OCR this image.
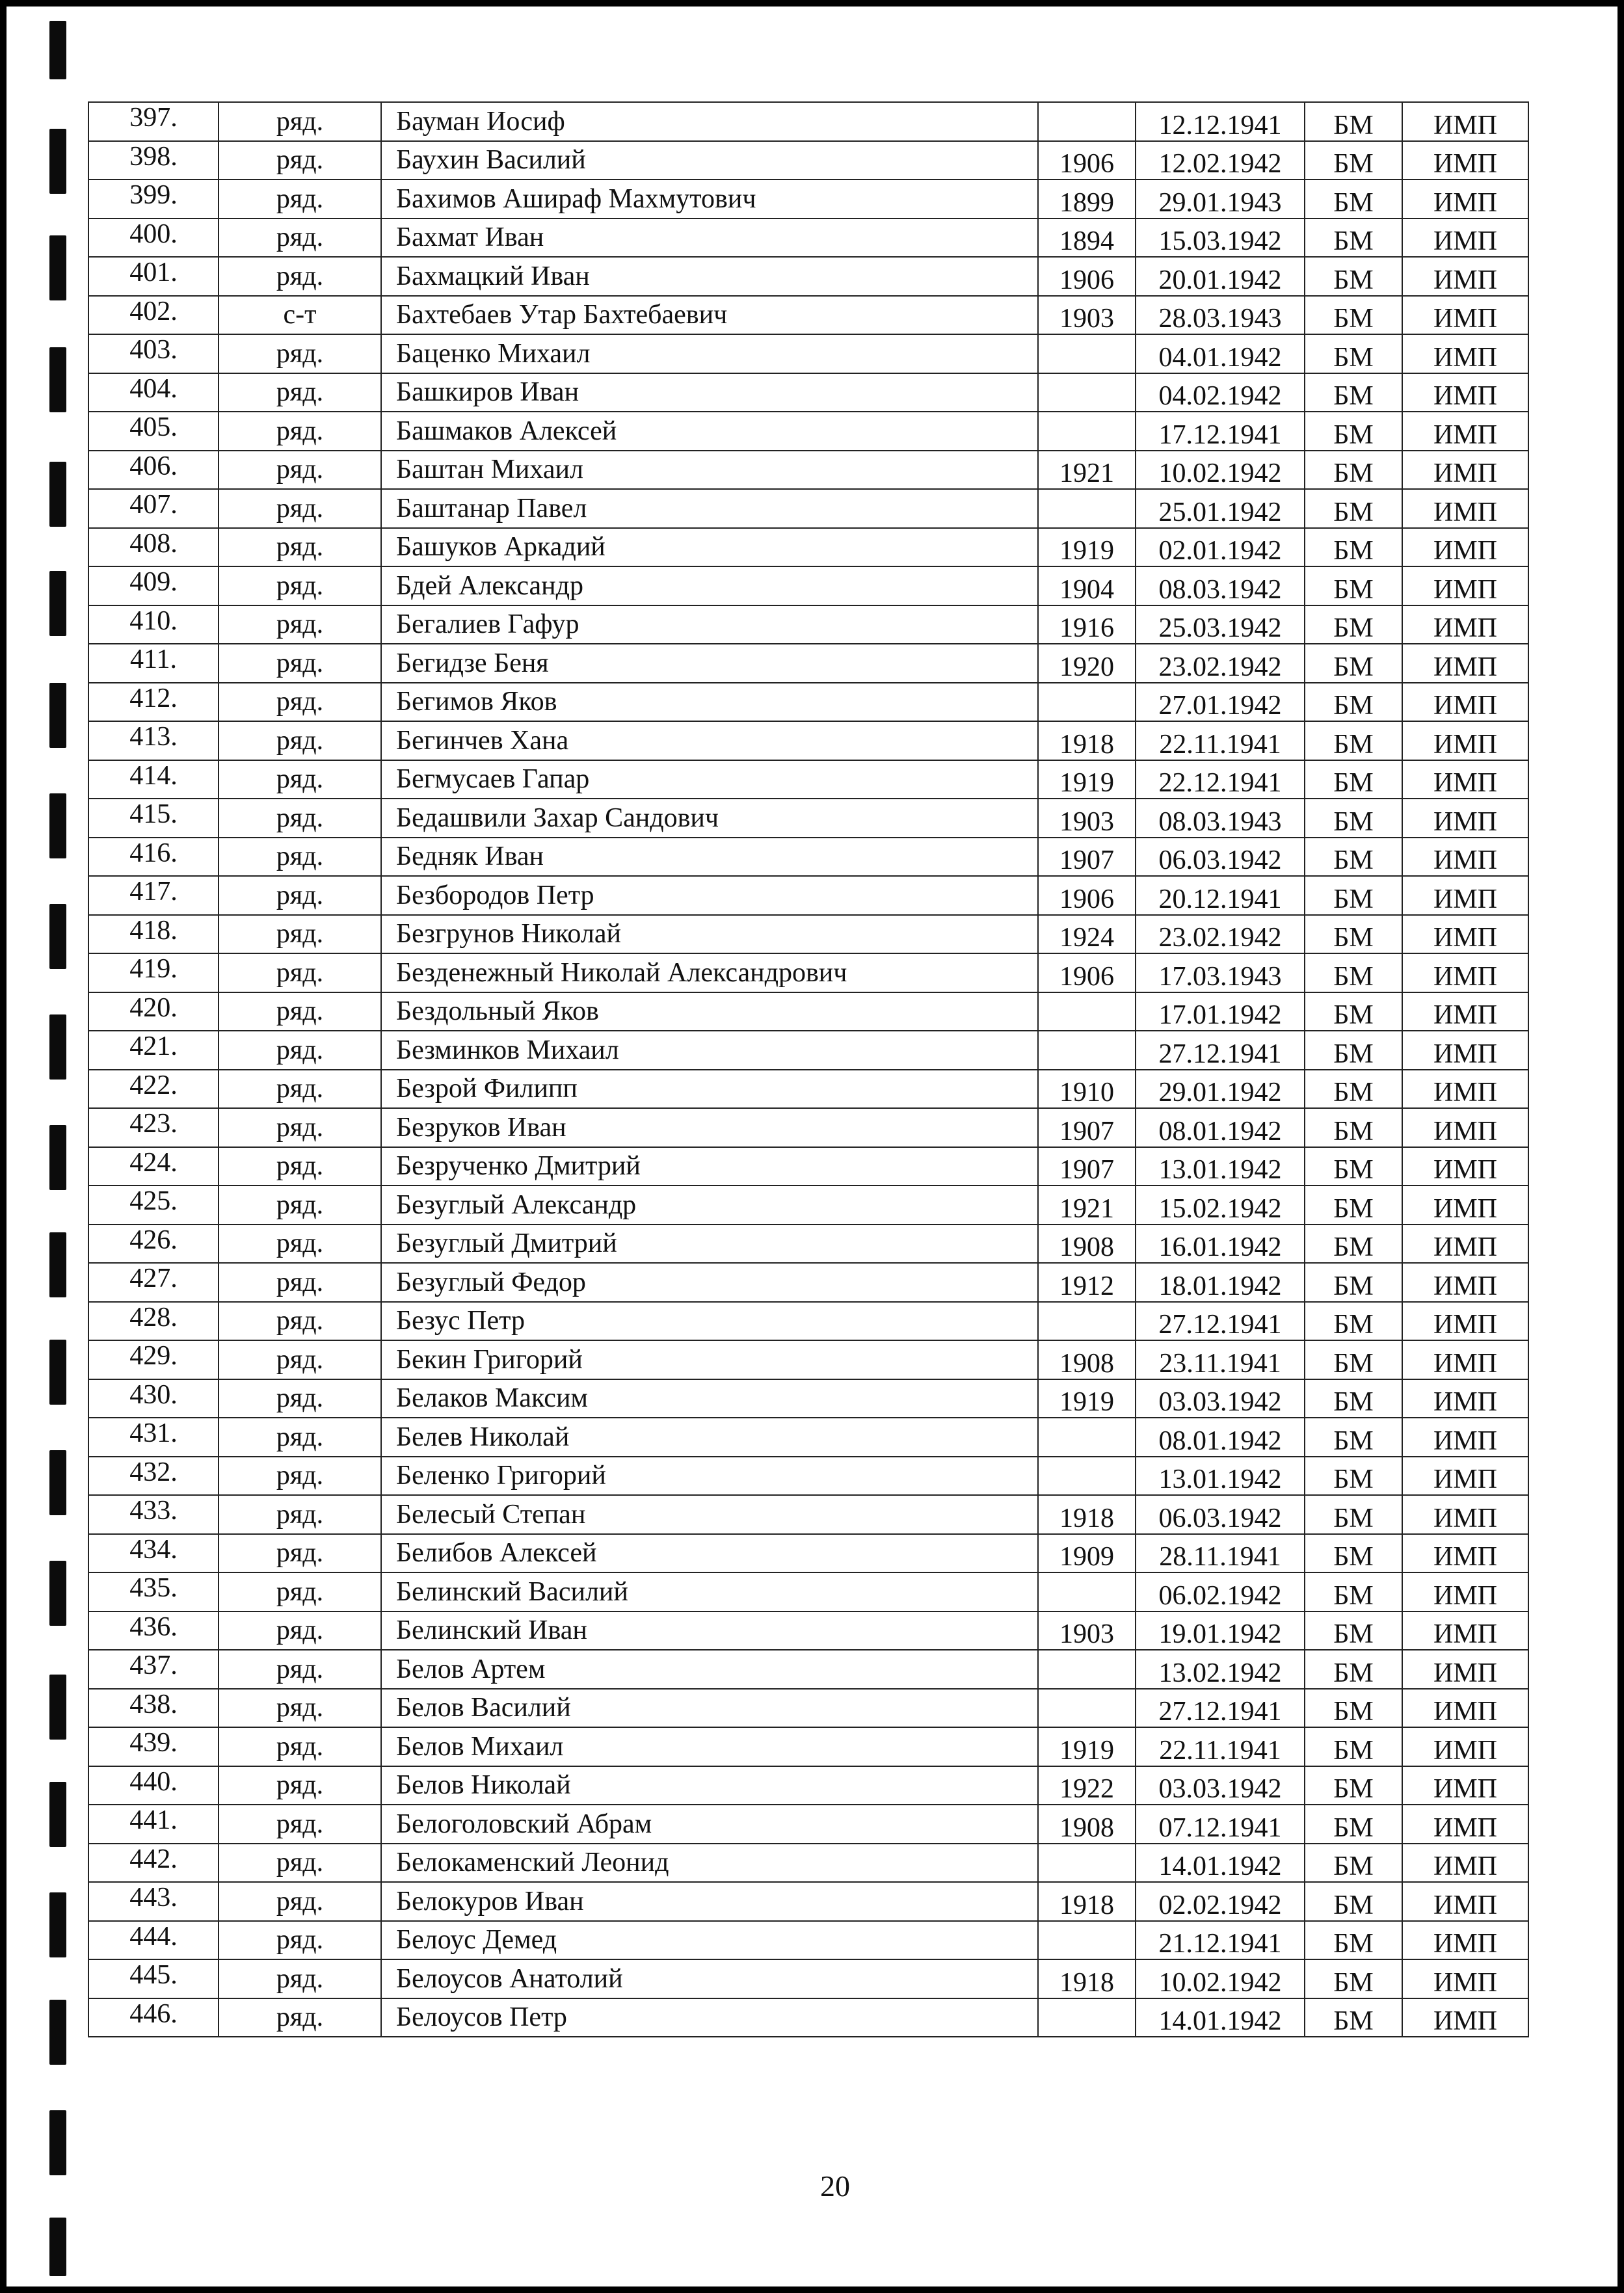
397.	ряд.	Бауман Иосиф		12.12.1941	БМ	ИМП
398.	ряд.	Баухин Василий	1906	12.02.1942	БМ	ИМП
399.	ряд.	Бахимов Ашираф Махмутович	1899	29.01.1943	БМ	ИМП
400.	ряд.	Бахмат Иван	1894	15.03.1942	БМ	ИМП
401.	ряд.	Бахмацкий Иван	1906	20.01.1942	БМ	ИМП
402.	с-т	Бахтебаев Утар Бахтебаевич	1903	28.03.1943	БМ	ИМП
403.	ряд.	Баценко Михаил		04.01.1942	БМ	ИМП
404.	ряд.	Башкиров Иван		04.02.1942	БМ	ИМП
405.	ряд.	Башмаков Алексей		17.12.1941	БМ	ИМП
406.	ряд.	Баштан Михаил	1921	10.02.1942	БМ	ИМП
407.	ряд.	Баштанар Павел		25.01.1942	БМ	ИМП
408.	ряд.	Башуков Аркадий	1919	02.01.1942	БМ	ИМП
409.	ряд.	Бдей Александр	1904	08.03.1942	БМ	ИМП
410.	ряд.	Бегалиев Гафур	1916	25.03.1942	БМ	ИМП
411.	ряд.	Бегидзе Беня	1920	23.02.1942	БМ	ИМП
412.	ряд.	Бегимов Яков		27.01.1942	БМ	ИМП
413.	ряд.	Бегинчев Хана	1918	22.11.1941	БМ	ИМП
414.	ряд.	Бегмусаев Гапар	1919	22.12.1941	БМ	ИМП
415.	ряд.	Бедашвили Захар Сандович	1903	08.03.1943	БМ	ИМП
416.	ряд.	Бедняк Иван	1907	06.03.1942	БМ	ИМП
417.	ряд.	Безбородов Петр	1906	20.12.1941	БМ	ИМП
418.	ряд.	Безгрунов Николай	1924	23.02.1942	БМ	ИМП
419.	ряд.	Безденежный Николай Александрович	1906	17.03.1943	БМ	ИМП
420.	ряд.	Бездольный Яков		17.01.1942	БМ	ИМП
421.	ряд.	Безминков Михаил		27.12.1941	БМ	ИМП
422.	ряд.	Безрой Филипп	1910	29.01.1942	БМ	ИМП
423.	ряд.	Безруков Иван	1907	08.01.1942	БМ	ИМП
424.	ряд.	Безрученко Дмитрий	1907	13.01.1942	БМ	ИМП
425.	ряд.	Безуглый Александр	1921	15.02.1942	БМ	ИМП
426.	ряд.	Безуглый Дмитрий	1908	16.01.1942	БМ	ИМП
427.	ряд.	Безуглый Федор	1912	18.01.1942	БМ	ИМП
428.	ряд.	Безус Петр		27.12.1941	БМ	ИМП
429.	ряд.	Бекин Григорий	1908	23.11.1941	БМ	ИМП
430.	ряд.	Белаков Максим	1919	03.03.1942	БМ	ИМП
431.	ряд.	Белев Николай		08.01.1942	БМ	ИМП
432.	ряд.	Беленко Григорий		13.01.1942	БМ	ИМП
433.	ряд.	Белесый Степан	1918	06.03.1942	БМ	ИМП
434.	ряд.	Белибов Алексей	1909	28.11.1941	БМ	ИМП
435.	ряд.	Белинский Василий		06.02.1942	БМ	ИМП
436.	ряд.	Белинский Иван	1903	19.01.1942	БМ	ИМП
437.	ряд.	Белов Артем		13.02.1942	БМ	ИМП
438.	ряд.	Белов Василий		27.12.1941	БМ	ИМП
439.	ряд.	Белов Михаил	1919	22.11.1941	БМ	ИМП
440.	ряд.	Белов Николай	1922	03.03.1942	БМ	ИМП
441.	ряд.	Белоголовский Абрам	1908	07.12.1941	БМ	ИМП
442.	ряд.	Белокаменский Леонид		14.01.1942	БМ	ИМП
443.	ряд.	Белокуров Иван	1918	02.02.1942	БМ	ИМП
444.	ряд.	Белоус Демед		21.12.1941	БМ	ИМП
445.	ряд.	Белоусов Анатолий	1918	10.02.1942	БМ	ИМП
446.	ряд.	Белоусов Петр		14.01.1942	БМ	ИМП
20
